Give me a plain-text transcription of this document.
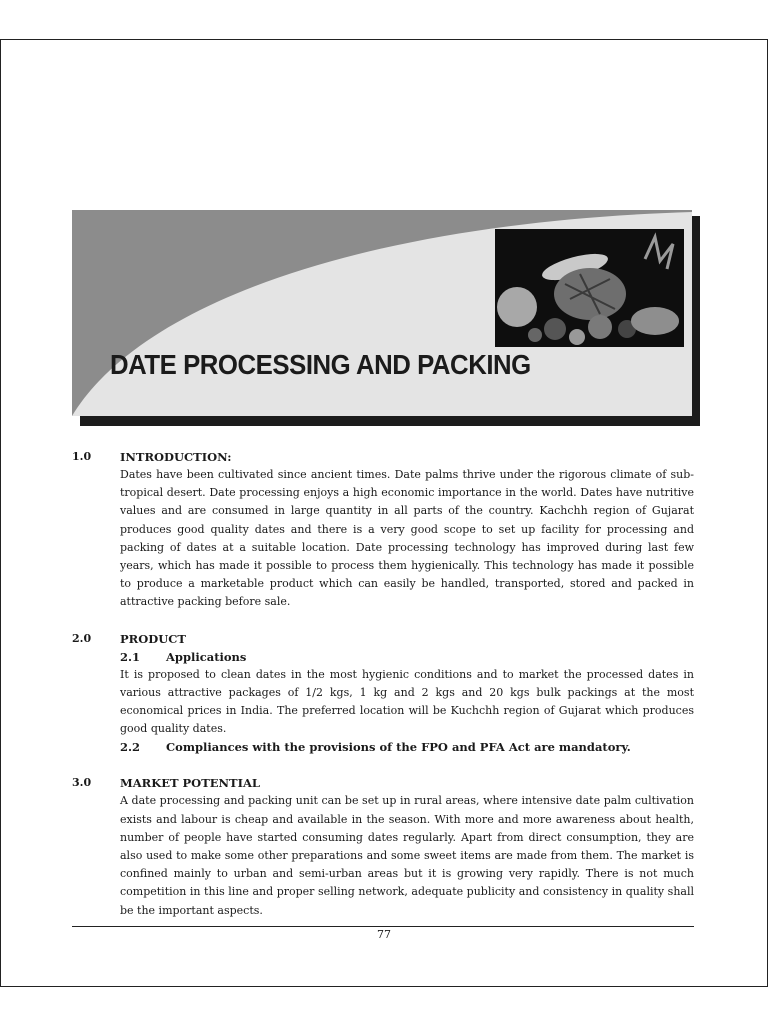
DATE PROCESSING AND PACKING
1.0	INTRODUCTION:

Dates have been cultivated since ancient times. Date palms thrive under the rigorous climate of sub-tropical desert. Date processing enjoys a high economic importance in the world. Dates have nutritive values and are consumed in large quantity in all parts of the country. Kachchh region of Gujarat produces good quality dates and there is a very good scope to set up facility for processing and packing of dates at a suitable location. Date processing technology has improved during last few years, which has made it possible to process them hygienically. This technology has made it possible to produce a marketable product which can easily be handled, transported, stored and packed in attractive packing before sale.

2.0	PRODUCT

2.1	Applications

It is proposed to clean dates in the most hygienic conditions and to market the processed dates in various attractive packages of 1/2 kgs, 1 kg and 2 kgs and 20 kgs bulk packings at the most economical prices in India. The preferred location will be Kuchchh region of Gujarat which produces good quality dates.

2.2	Compliances with the provisions of the FPO and PFA Act are mandatory.
3.0	MARKET POTENTIAL

A date processing and packing unit can be set up in rural areas, where intensive date palm cultivation exists and labour is cheap and available in the season. With more and more awareness about health, number of people have started consuming dates regularly. Apart from direct consumption, they are also used to make some other preparations and some sweet items are made from them. The market is confined mainly to urban and semi-urban areas but it is growing very rapidly. There is not much competition in this line and proper selling network, adequate publicity and consistency in quality shall be the important aspects.

77
